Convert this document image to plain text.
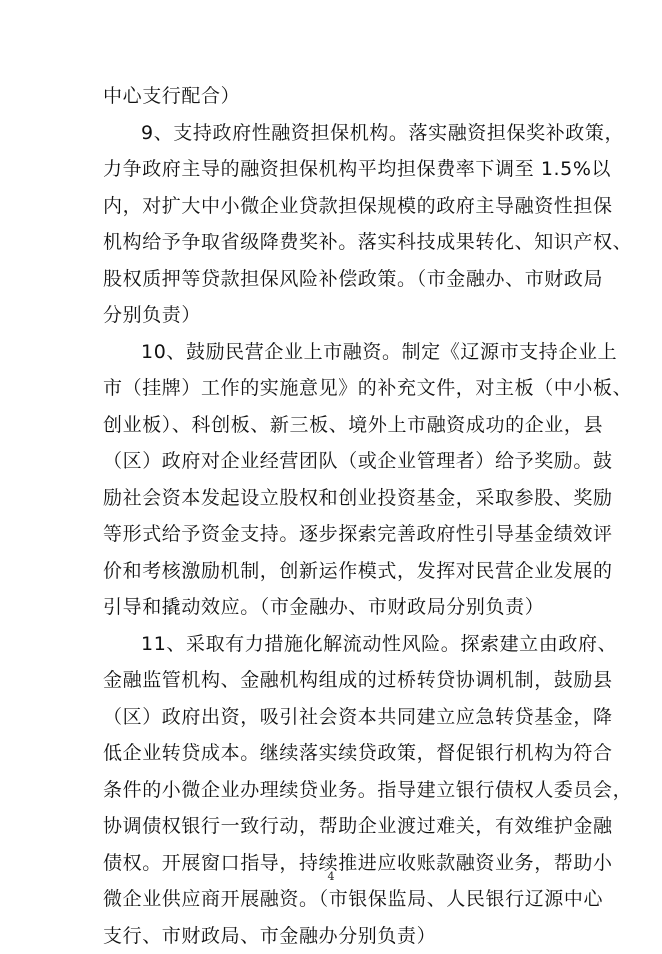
中心支行配合）
9、支持政府性融资担保机构。落实融资担保奖补政策，
力争政府主导的融资担保机构平均担保费率下调至 1.5%以
内，对扩大中小微企业贷款担保规模的政府主导融资性担保
机构给予争取省级降费奖补。落实科技成果转化、知识产权、
股权质押等贷款担保风险补偿政策。（市金融办、市财政局
分别负责）
10、鼓励民营企业上市融资。制定《辽源市支持企业上
市（挂牌）工作的实施意见》的补充文件，对主板（中小板、
创业板）、科创板、新三板、境外上市融资成功的企业，县
（区）政府对企业经营团队（或企业管理者）给予奖励。鼓
励社会资本发起设立股权和创业投资基金，采取参股、奖励
等形式给予资金支持。逐步探索完善政府性引导基金绩效评
价和考核激励机制，创新运作模式，发挥对民营企业发展的
引导和撬动效应。（市金融办、市财政局分别负责）
11、采取有力措施化解流动性风险。探索建立由政府、
金融监管机构、金融机构组成的过桥转贷协调机制，鼓励县
（区）政府出资，吸引社会资本共同建立应急转贷基金，降
低企业转贷成本。继续落实续贷政策，督促银行机构为符合
条件的小微企业办理续贷业务。指导建立银行债权人委员会，
协调债权银行一致行动，帮助企业渡过难关，有效维护金融
债权。开展窗口指导，持续推进应收账款融资业务，帮助小
微企业供应商开展融资。（市银保监局、人民银行辽源中心
支行、市财政局、市金融办分别负责）
4
